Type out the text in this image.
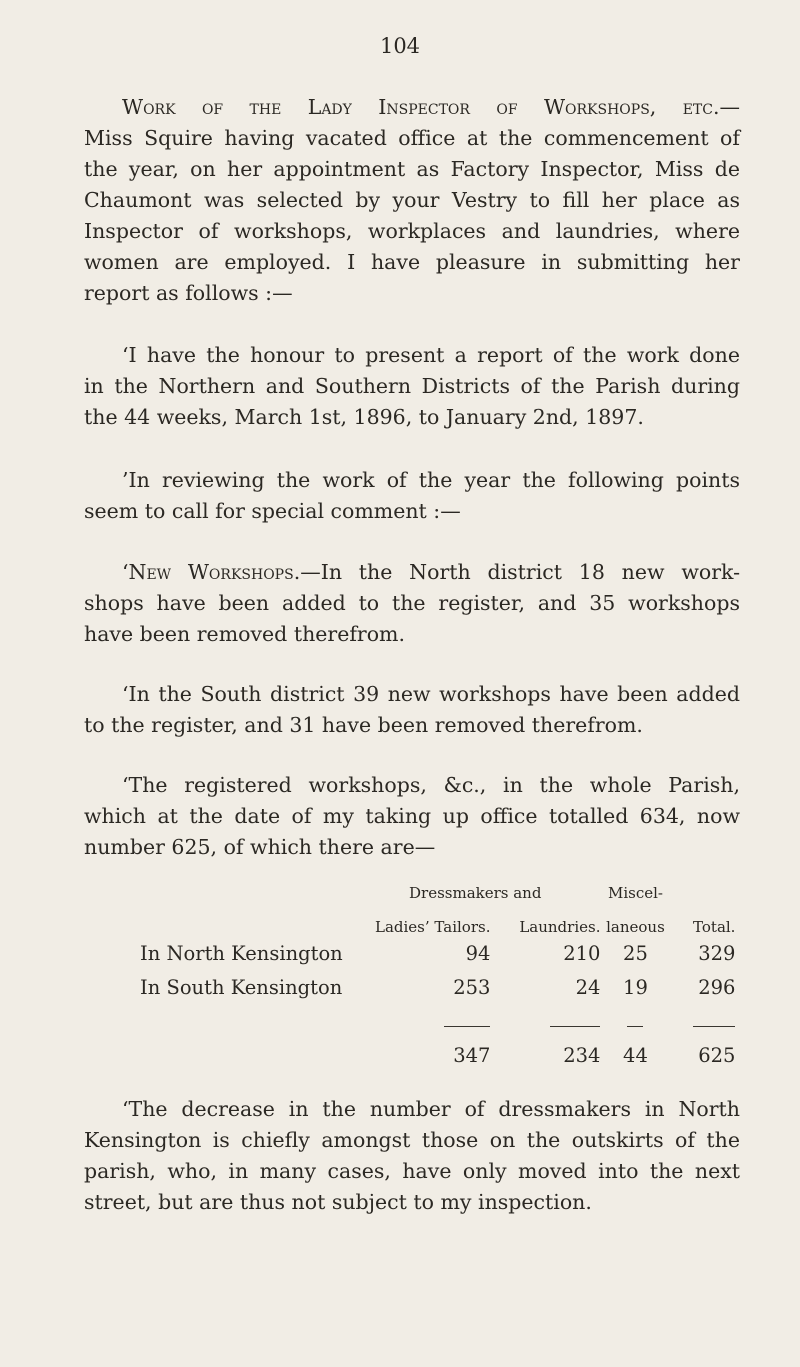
104
Work of the Lady Inspector of Workshops, etc.—
Miss Squire having vacated office at the commencement of
the year, on her appointment as Factory Inspector, Miss de
Chaumont was selected by your Vestry to fill her place as
Inspector of workshops, workplaces and laundries, where
women are employed. I have pleasure in submitting her
report as follows :—
‘I have the honour to present a report of the work done
in the Northern and Southern Districts of the Parish during
the 44 weeks, March 1st, 1896, to January 2nd, 1897.
’In reviewing the work of the year the following points
seem to call for special comment :—
‘New Workshops.—In the North district 18 new work-
shops have been added to the register, and 35 workshops
have been removed therefrom.
‘In the South district 39 new workshops have been added
to the register, and 31 have been removed therefrom.
‘The registered workshops, &c., in the whole Parish,
which at the date of my taking up office totalled 634, now
number 625, of which there are—
	Dressmakers and		Miscel-	
	Ladies’ Tailors.	Laundries.	laneous	Total.
In North Kensington	94	210	25	329
In South Kensington	253	24	19	296

	347	234	44	625
‘The decrease in the number of dressmakers in North
Kensington is chiefly amongst those on the outskirts of the
parish, who, in many cases, have only moved into the next
street, but are thus not subject to my inspection.
